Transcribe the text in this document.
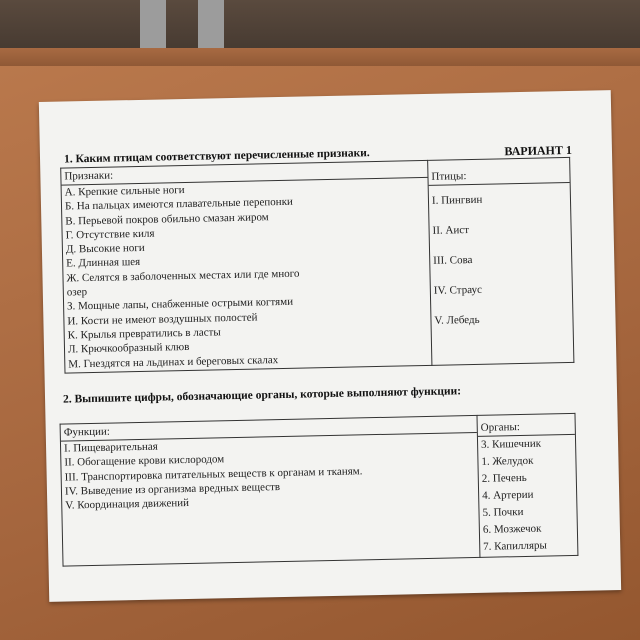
1. Каким птицам соответствуют перечисленные признаки.	ВАРИАНТ 1
Признаки:
А. Крепкие сильные ноги
Б. На пальцах имеются плавательные перепонки
В. Перьевой покров обильно смазан жиром
Г. Отсутствие киля
Д. Высокие ноги
Е. Длинная шея
Ж. Селятся в заболоченных местах или где много
озер
З. Мощные лапы, снабженные острыми когтями
И. Кости не имеют воздушных полостей
К. Крылья превратились в ласты
Л. Крючкообразный клюв
М. Гнездятся на льдинах и береговых скалах

Птицы:
I. Пингвин
II. Аист
III. Сова
IV. Страус
V. Лебедь
2. Выпишите цифры, обозначающие органы, которые выполняют функции:
Функции:
I. Пищеварительная
II. Обогащение крови кислородом
III. Транспортировка питательных веществ к органам и тканям.
IV. Выведение из организма вредных веществ
V. Координация движений

Органы:
3. Кишечник
1. Желудок
2. Печень
4. Артерии
5. Почки
6. Мозжечок
7. Капилляры
